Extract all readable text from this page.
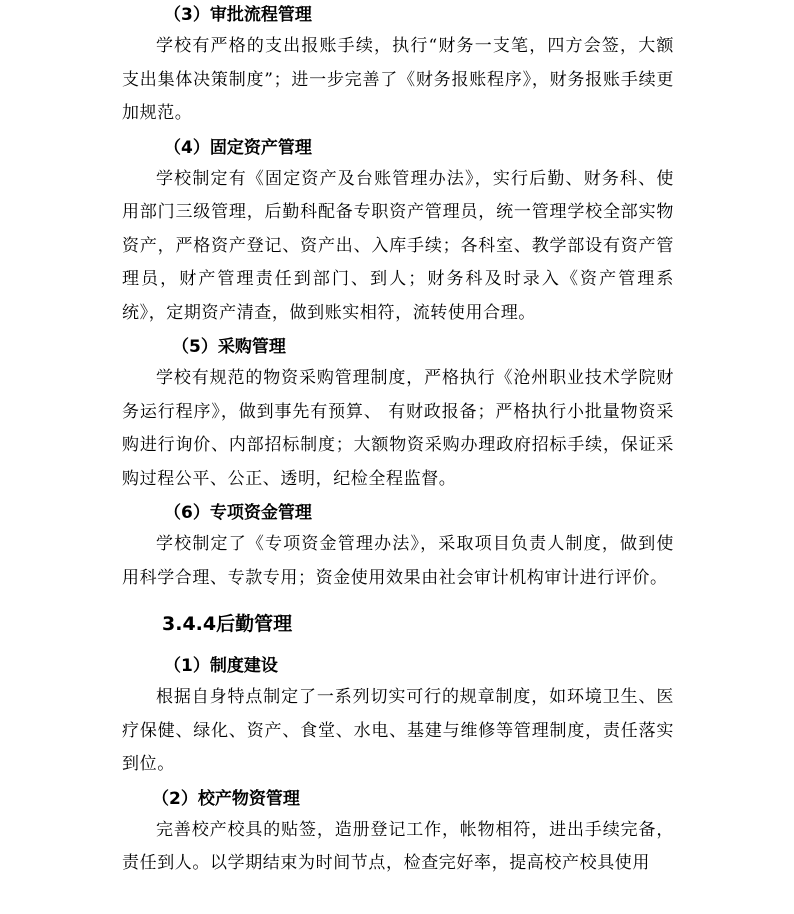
（3）审批流程管理
学校有严格的支出报账手续，执行“财务一支笔，四方会签，大额支出集体决策制度”；进一步完善了《财务报账程序》，财务报账手续更加规范。
（4）固定资产管理
学校制定有《固定资产及台账管理办法》，实行后勤、财务科、使用部门三级管理，后勤科配备专职资产管理员，统一管理学校全部实物资产，严格资产登记、资产出、入库手续；各科室、教学部设有资产管理员，财产管理责任到部门、到人；财务科及时录入《资产管理系统》，定期资产清查，做到账实相符，流转使用合理。
（5）采购管理
学校有规范的物资采购管理制度，严格执行《沧州职业技术学院财务运行程序》，做到事先有预算、 有财政报备；严格执行小批量物资采购进行询价、内部招标制度；大额物资采购办理政府招标手续，保证采购过程公平、公正、透明，纪检全程监督。
（6）专项资金管理
学校制定了《专项资金管理办法》，采取项目负责人制度，做到使用科学合理、专款专用；资金使用效果由社会审计机构审计进行评价。
3.4.4后勤管理
（1）制度建设
根据自身特点制定了一系列切实可行的规章制度，如环境卫生、医疗保健、绿化、资产、食堂、水电、基建与维修等管理制度，责任落实到位。
（2）校产物资管理
完善校产校具的贴签，造册登记工作，帐物相符，进出手续完备，责任到人。以学期结束为时间节点，检查完好率，提高校产校具使用
